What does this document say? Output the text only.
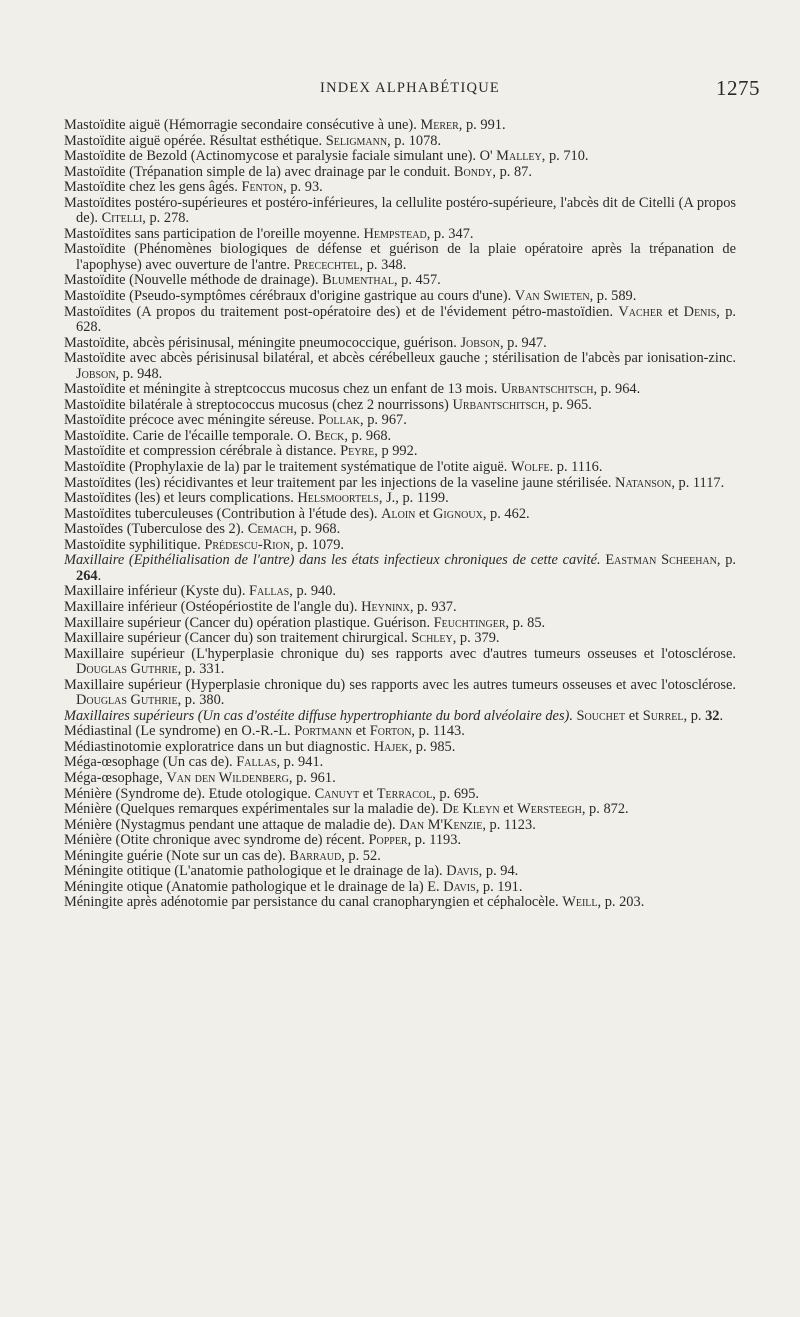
INDEX ALPHABÉTIQUE	1275

Mastoïdite aiguë (Hémorragie secondaire consécutive à une). Merer, p. 991.

Mastoïdite aiguë opérée. Résultat esthétique. Seligmann, p. 1078.

Mastoïdite de Bezold (Actinomycose et paralysie faciale simulant une). O' Malley, p. 710.

Mastoïdite (Trépanation simple de la) avec drainage par le conduit. Bondy, p. 87.

Mastoïdite chez les gens âgés. Fenton, p. 93.

Mastoïdites postéro-supérieures et postéro-inférieures, la cellulite postéro-supérieure, l'abcès dit de Citelli (A propos de). Citelli, p. 278.

Mastoïdites sans participation de l'oreille moyenne. Hempstead, p. 347.

Mastoïdite (Phénomènes biologiques de défense et guérison de la plaie opératoire après la trépanation de l'apophyse) avec ouverture de l'antre. Precechtel, p. 348.

Mastoïdite (Nouvelle méthode de drainage). Blumenthal, p. 457.

Mastoïdite (Pseudo-symptômes cérébraux d'origine gastrique au cours d'une). Van Swieten, p. 589.

Mastoïdites (A propos du traitement post-opératoire des) et de l'évidement pétro-mastoïdien. Vacher et Denis, p. 628.

Mastoïdite, abcès périsinusal, méningite pneumococcique, guérison. Jobson, p. 947.

Mastoïdite avec abcès périsinusal bilatéral, et abcès cérébelleux gauche ; stérilisation de l'abcès par ionisation-zinc. Jobson, p. 948.

Mastoïdite et méningite à streptcoccus mucosus chez un enfant de 13 mois. Urbantschitsch, p. 964.

Mastoïdite bilatérale à streptococcus mucosus (chez 2 nourrissons) Urbantschitsch, p. 965.

Mastoïdite précoce avec méningite séreuse. Pollak, p. 967.

Mastoïdite. Carie de l'écaille temporale. O. Beck, p. 968.

Mastoïdite et compression cérébrale à distance. Peyre, p 992.

Mastoïdite (Prophylaxie de la) par le traitement systématique de l'otite aiguë. Wolfe. p. 1116.

Mastoïdites (les) récidivantes et leur traitement par les injections de la vaseline jaune stérilisée. Natanson, p. 1117.

Mastoïdites (les) et leurs complications. Helsmoortels, J., p. 1199.

Mastoïdites tuberculeuses (Contribution à l'étude des). Aloin et Gignoux, p. 462.

Mastoïdes (Tuberculose des 2). Cemach, p. 968.

Mastoïdite syphilitique. Prédescu-Rion, p. 1079.

Maxillaire (Epithélialisation de l'antre) dans les états infectieux chroniques de cette cavité. Eastman Scheehan, p. 264.

Maxillaire inférieur (Kyste du). Fallas, p. 940.

Maxillaire inférieur (Ostéopériostite de l'angle du). Heyninx, p. 937.

Maxillaire supérieur (Cancer du) opération plastique. Guérison. Feuchtinger, p. 85.

Maxillaire supérieur (Cancer du) son traitement chirurgical. Schley, p. 379.

Maxillaire supérieur (L'hyperplasie chronique du) ses rapports avec d'autres tumeurs osseuses et l'otosclérose. Douglas Guthrie, p. 331.

Maxillaire supérieur (Hyperplasie chronique du) ses rapports avec les autres tumeurs osseuses et avec l'otosclérose. Douglas Guthrie, p. 380.

Maxillaires supérieurs (Un cas d'ostéite diffuse hypertrophiante du bord alvéolaire des). Souchet et Surrel, p. 32.

Médiastinal (Le syndrome) en O.-R.-L. Portmann et Forton, p. 1143.

Médiastinotomie exploratrice dans un but diagnostic. Hajek, p. 985.

Méga-œsophage (Un cas de). Fallas, p. 941.

Méga-œsophage, Van den Wildenberg, p. 961.

Ménière (Syndrome de). Etude otologique. Canuyt et Terracol, p. 695.

Ménière (Quelques remarques expérimentales sur la maladie de). De Kleyn et Wersteegh, p. 872.

Ménière (Nystagmus pendant une attaque de maladie de). Dan M'Kenzie, p. 1123.

Ménière (Otite chronique avec syndrome de) récent. Popper, p. 1193.

Méningite guérie (Note sur un cas de). Barraud, p. 52.

Méningite otitique (L'anatomie pathologique et le drainage de la). Davis, p. 94.

Méningite otique (Anatomie pathologique et le drainage de la) E. Davis, p. 191.

Méningite après adénotomie par persistance du canal cranopharyngien et céphalocèle. Weill, p. 203.
